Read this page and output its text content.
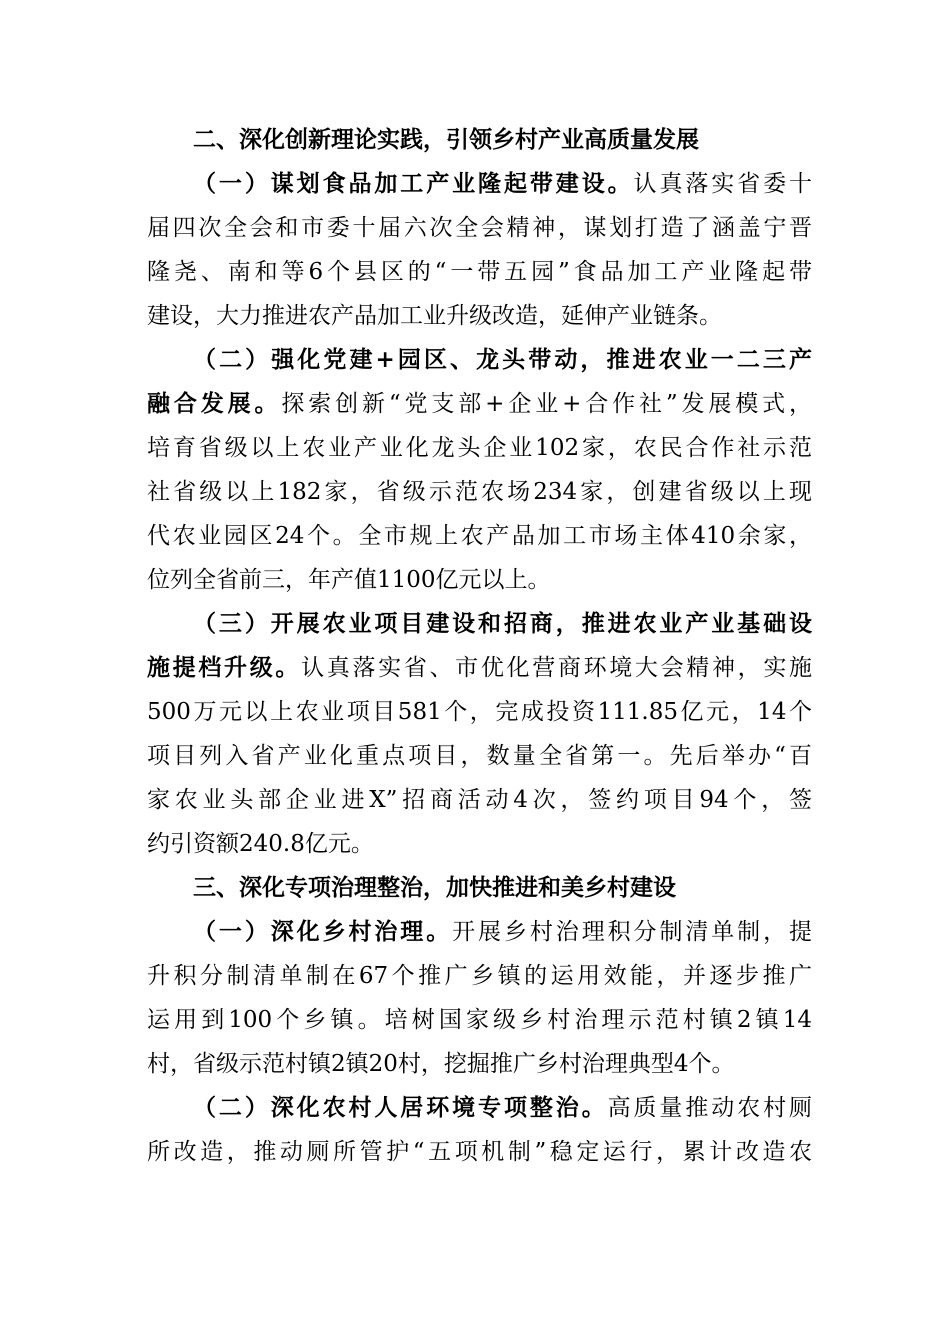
二、深化创新理论实践，引领乡村产业高质量发展
（一）谋划食品加工产业隆起带建设。认真落实省委十
届四次全会和市委十届六次全会精神，谋划打造了涵盖宁晋
隆尧、南和等6个县区的“一带五园”食品加工产业隆起带
建设，大力推进农产品加工业升级改造，延伸产业链条。
（二）强化党建+园区、龙头带动，推进农业一二三产
融合发展。探索创新“党支部+企业+合作社”发展模式，
培育省级以上农业产业化龙头企业102家，农民合作社示范
社省级以上182家，省级示范农场234家，创建省级以上现
代农业园区24个。全市规上农产品加工市场主体410余家，
位列全省前三，年产值1100亿元以上。
（三）开展农业项目建设和招商，推进农业产业基础设
施提档升级。认真落实省、市优化营商环境大会精神，实施
500万元以上农业项目581个，完成投资111.85亿元，14个
项目列入省产业化重点项目，数量全省第一。先后举办“百
家农业头部企业进X”招商活动4次，签约项目94个，签
约引资额240.8亿元。
三、深化专项治理整治，加快推进和美乡村建设
（一）深化乡村治理。开展乡村治理积分制清单制，提
升积分制清单制在67个推广乡镇的运用效能，并逐步推广
运用到100个乡镇。培树国家级乡村治理示范村镇2镇14
村，省级示范村镇2镇20村，挖掘推广乡村治理典型4个。
（二）深化农村人居环境专项整治。高质量推动农村厕
所改造，推动厕所管护“五项机制”稳定运行，累计改造农
